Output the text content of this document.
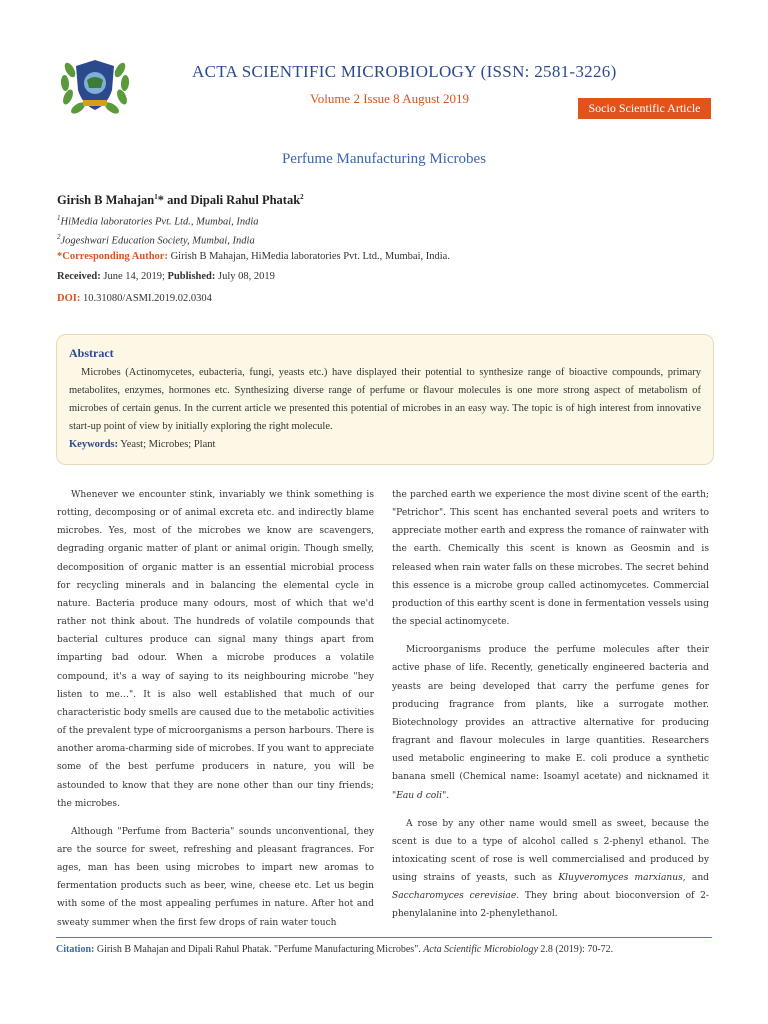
ACTA SCIENTIFIC MICROBIOLOGY (ISSN: 2581-3226)
Volume 2 Issue 8 August 2019
Socio Scientific Article
Perfume Manufacturing Microbes
Girish B Mahajan$^1$* and Dipali Rahul Phatak$^2$
$^1$HiMedia laboratories Pvt. Ltd., Mumbai, India
$^2$Jogeshwari Education Society, Mumbai, India
*Corresponding Author: Girish B Mahajan, HiMedia laboratories Pvt. Ltd., Mumbai, India.
Received: June 14, 2019; Published: July 08, 2019
DOI: 10.31080/ASMI.2019.02.0304
Abstract
Microbes (Actinomycetes, eubacteria, fungi, yeasts etc.) have displayed their potential to synthesize range of bioactive compounds, primary metabolites, enzymes, hormones etc. Synthesizing diverse range of perfume or flavour molecules is one more strong aspect of metabolism of microbes of certain genus. In the current article we presented this potential of microbes in an easy way. The topic is of high interest from innovative start-up point of view by initially exploring the right molecule.
Keywords: Yeast; Microbes; Plant

Whenever we encounter stink, invariably we think something is rotting, decomposing or of animal excreta etc. and indirectly blame microbes. Yes, most of the microbes we know are scavengers, degrading organic matter of plant or animal origin. Though smelly, decomposition of organic matter is an essential microbial process for recycling minerals and in balancing the elemental cycle in nature. Bacteria produce many odours, most of which that we'd rather not think about. The hundreds of volatile compounds that bacterial cultures produce can signal many things apart from imparting bad odour. When a microbe produces a volatile compound, it's a way of saying to its neighbouring microbe "hey listen to me…". It is also well established that much of our characteristic body smells are caused due to the metabolic activities of the prevalent type of microorganisms a person harbours. There is another aroma-charming side of microbes. If you want to appreciate some of the best perfume producers in nature, you will be astounded to know that they are none other than our tiny friends; the microbes.

Although "Perfume from Bacteria" sounds unconventional, they are the source for sweet, refreshing and pleasant fragrances. For ages, man has been using microbes to impart new aromas to fermentation products such as beer, wine, cheese etc. Let us begin with some of the most appealing perfumes in nature. After hot and sweaty summer when the first few drops of rain water touch

the parched earth we experience the most divine scent of the earth; "Petrichor". This scent has enchanted several poets and writers to appreciate mother earth and express the romance of rainwater with the earth. Chemically this scent is known as Geosmin and is released when rain water falls on these microbes. The secret behind this essence is a microbe group called actinomycetes. Commercial production of this earthy scent is done in fermentation vessels using the special actinomycete.

Microorganisms produce the perfume molecules after their active phase of life. Recently, genetically engineered bacteria and yeasts are being developed that carry the perfume genes for producing fragrance from plants, like a surrogate mother. Biotechnology provides an attractive alternative for producing fragrant and flavour molecules in large quantities. Researchers used metabolic engineering to make E. coli produce a synthetic banana smell (Chemical name: Isoamyl acetate) and nicknamed it "Eau d coli".

A rose by any other name would smell as sweet, because the scent is due to a type of alcohol called s 2-phenyl ethanol. The intoxicating scent of rose is well commercialised and produced by using strains of yeasts, such as Kluyveromyces marxianus, and Saccharomyces cerevisiae. They bring about bioconversion of 2-phenylalanine into 2-phenylethanol.

Citation: Girish B Mahajan and Dipali Rahul Phatak. "Perfume Manufacturing Microbes". Acta Scientific Microbiology 2.8 (2019): 70-72.
